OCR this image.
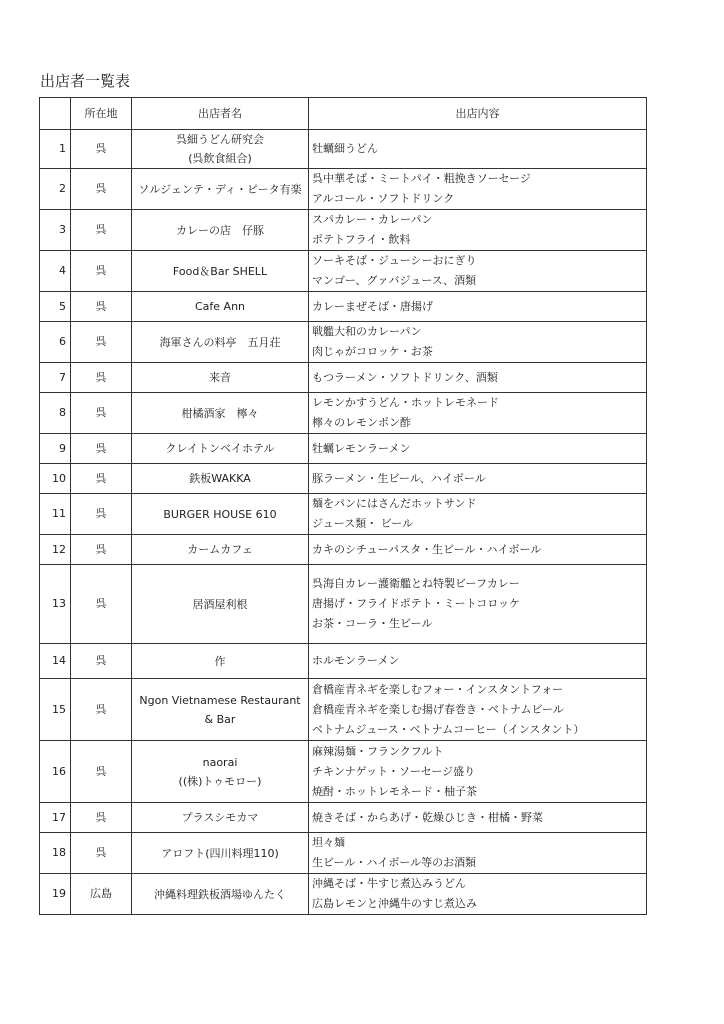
出店者一覧表
	所在地	出店者名	出店内容
1	呉	呉細うどん研究会
(呉飲食組合)	牡蠣細うどん

2	呉	ソルジェンテ・ディ・ピータ有楽	呉中華そば・ミートパイ・粗挽きソーセージ
アルコール・ソフトドリンク

3	呉	カレーの店　仔豚	スパカレー・カレーパン
ポテトフライ・飲料

4	呉	Food＆Bar SHELL	ソーキそば・ジューシーおにぎり
マンゴー、グァバジュース、酒類

5	呉	Cafe Ann	カレーまぜそば・唐揚げ

6	呉	海軍さんの料亭　五月荘	戦艦大和のカレーパン
肉じゃがコロッケ・お茶

7	呉	来音	もつラーメン・ソフトドリンク、酒類

8	呉	柑橘酒家　檸々	レモンかすうどん・ホットレモネード
檸々のレモンポン酢

9	呉	クレイトンベイホテル	牡蠣レモンラーメン

10	呉	鉄板WAKKA	豚ラーメン・生ビール、ハイボール

11	呉	BURGER HOUSE 610	麺をパンにはさんだホットサンド
ジュース類・ ビール

12	呉	カームカフェ	カキのシチューパスタ・生ビール・ハイボール

13	呉	居酒屋利根	呉海自カレー護衛艦とね特製ビーフカレー
唐揚げ・フライドポテト・ミートコロッケ
お茶・コーラ・生ビール

14	呉	作	ホルモンラーメン

15	呉	Ngon Vietnamese Restaurant
& Bar	倉橋産青ネギを楽しむフォー・インスタントフォー
倉橋産青ネギを楽しむ揚げ春巻き・ベトナムビール
ベトナムジュース・ベトナムコーヒー（インスタント）

16	呉	naorai
((株)トゥモロー)	麻辣湯麺・フランクフルト
チキンナゲット・ソーセージ盛り
焼酎・ホットレモネード・柚子茶

17	呉	プラスシモカマ	焼きそば・からあげ・乾燥ひじき・柑橘・野菜

18	呉	アロフト(四川料理110)	坦々麺
生ビール・ハイボール等のお酒類

19	広島	沖縄料理鉄板酒場ゆんたく	沖縄そば・牛すじ煮込みうどん
広島レモンと沖縄牛のすじ煮込み
